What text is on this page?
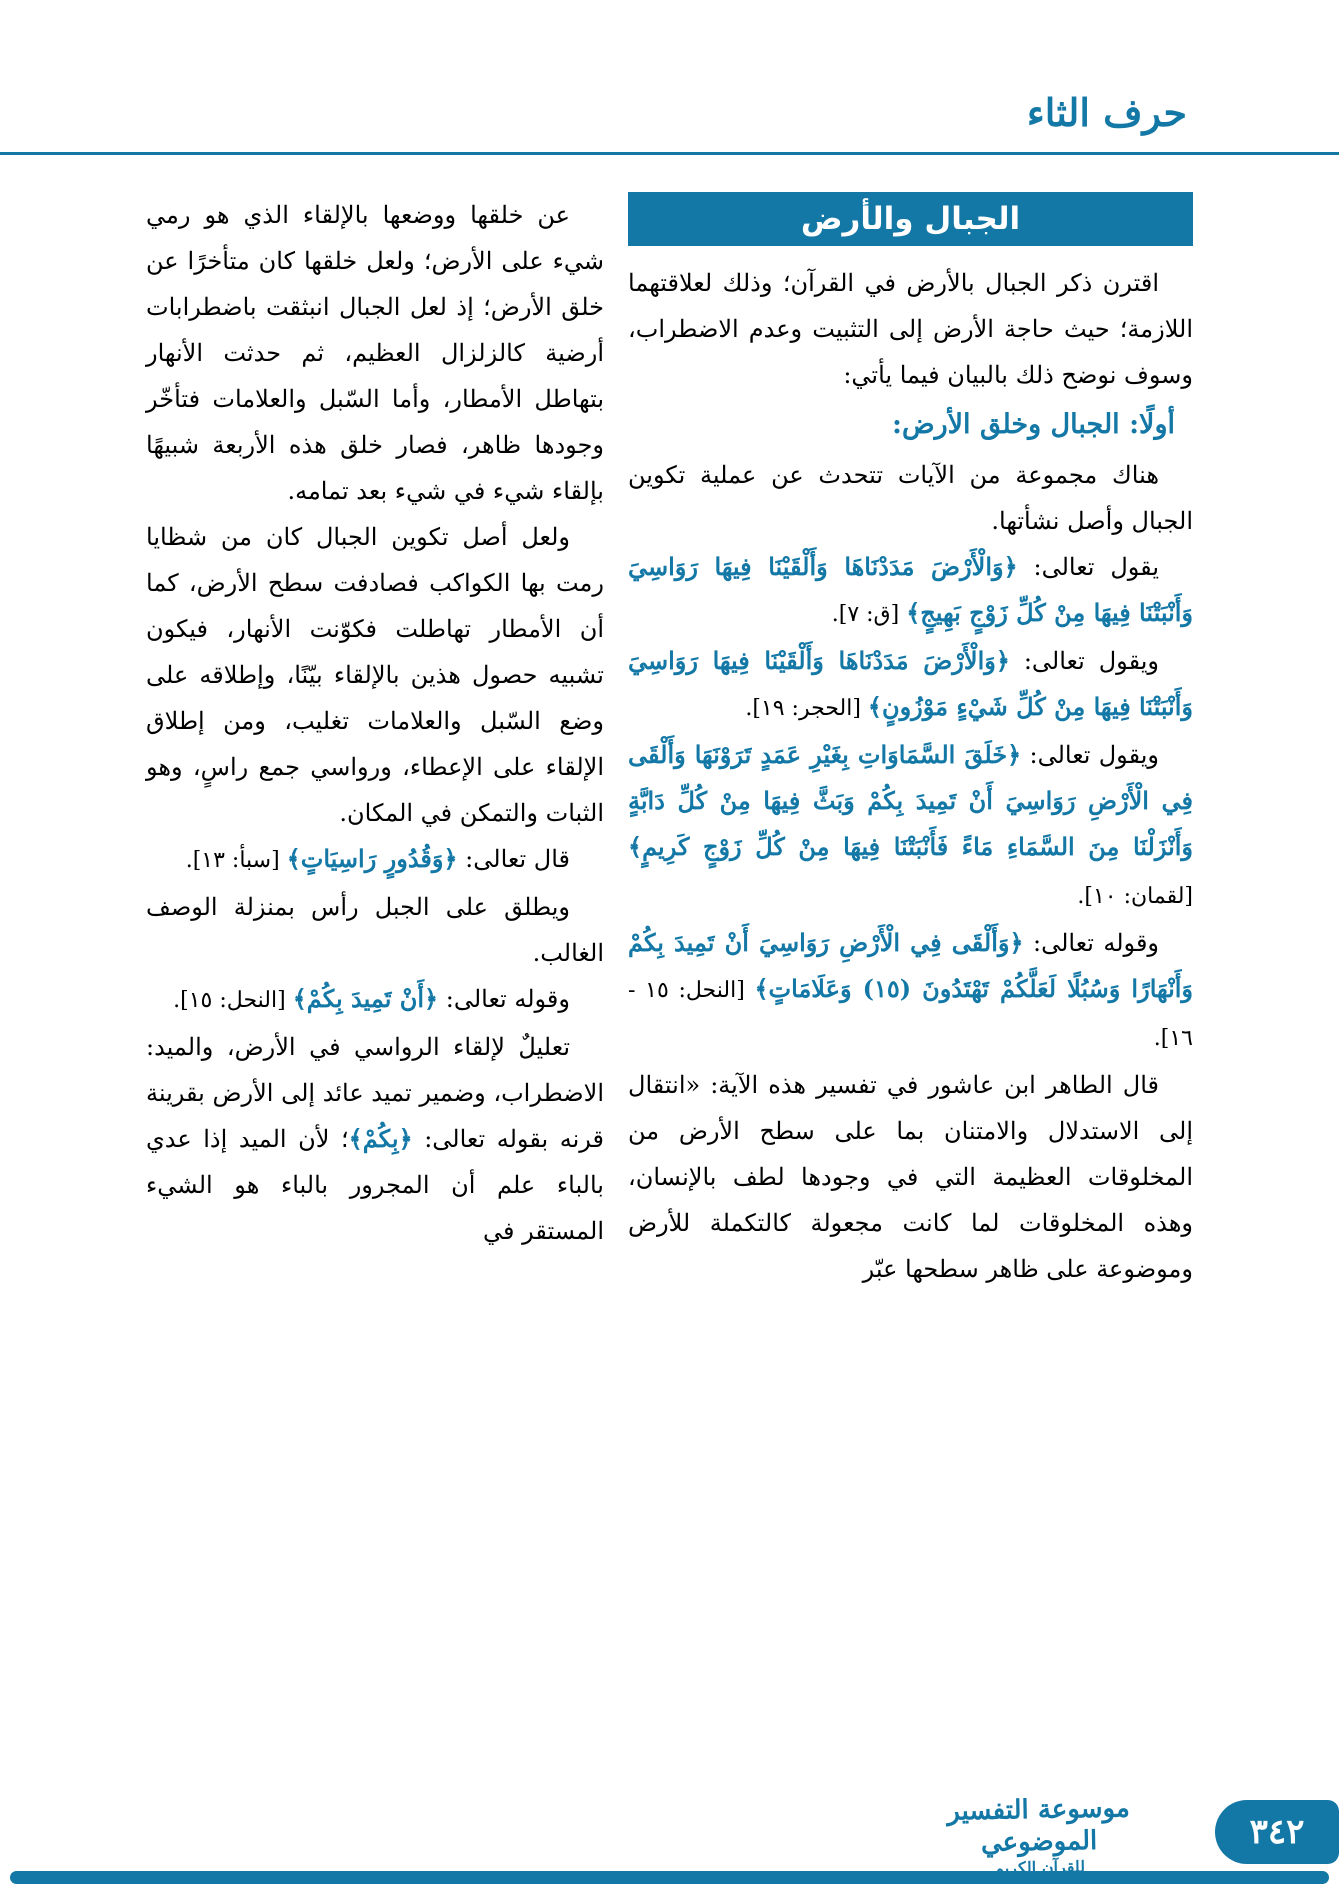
حرف الثاء
الجبال والأرض

اقترن ذكر الجبال بالأرض في القرآن؛ وذلك لعلاقتهما اللازمة؛ حيث حاجة الأرض إلى التثبيت وعدم الاضطراب، وسوف نوضح ذلك بالبيان فيما يأتي:

أولًا: الجبال وخلق الأرض:

هناك مجموعة من الآيات تتحدث عن عملية تكوين الجبال وأصل نشأتها.

يقول تعالى: ﴿وَالْأَرْضَ مَدَدْنَاهَا وَأَلْقَيْنَا فِيهَا رَوَاسِيَ وَأَنْبَتْنَا فِيهَا مِنْ كُلِّ زَوْجٍ بَهِيجٍ﴾ [ق: ٧].

ويقول تعالى: ﴿وَالْأَرْضَ مَدَدْنَاهَا وَأَلْقَيْنَا فِيهَا رَوَاسِيَ وَأَنْبَتْنَا فِيهَا مِنْ كُلِّ شَيْءٍ مَوْزُونٍ﴾ [الحجر: ١٩].

ويقول تعالى: ﴿خَلَقَ السَّمَاوَاتِ بِغَيْرِ عَمَدٍ تَرَوْنَهَا وَأَلْقَى فِي الْأَرْضِ رَوَاسِيَ أَنْ تَمِيدَ بِكُمْ وَبَثَّ فِيهَا مِنْ كُلِّ دَابَّةٍ وَأَنْزَلْنَا مِنَ السَّمَاءِ مَاءً فَأَنْبَتْنَا فِيهَا مِنْ كُلِّ زَوْجٍ كَرِيمٍ﴾ [لقمان: ١٠].

وقوله تعالى: ﴿وَأَلْقَى فِي الْأَرْضِ رَوَاسِيَ أَنْ تَمِيدَ بِكُمْ وَأَنْهَارًا وَسُبُلًا لَعَلَّكُمْ تَهْتَدُونَ (١٥) وَعَلَامَاتٍ﴾ [النحل: ١٥ - ١٦].

قال الطاهر ابن عاشور في تفسير هذه الآية: «انتقال إلى الاستدلال والامتنان بما على سطح الأرض من المخلوقات العظيمة التي في وجودها لطف بالإنسان، وهذه المخلوقات لما كانت مجعولة كالتكملة للأرض وموضوعة على ظاهر سطحها عبّر

عن خلقها ووضعها بالإلقاء الذي هو رمي شيء على الأرض؛ ولعل خلقها كان متأخرًا عن خلق الأرض؛ إذ لعل الجبال انبثقت باضطرابات أرضية كالزلزال العظيم، ثم حدثت الأنهار بتهاطل الأمطار، وأما السّبل والعلامات فتأخّر وجودها ظاهر، فصار خلق هذه الأربعة شبيهًا بإلقاء شيء في شيء بعد تمامه.

ولعل أصل تكوين الجبال كان من شظايا رمت بها الكواكب فصادفت سطح الأرض، كما أن الأمطار تهاطلت فكوّنت الأنهار، فيكون تشبيه حصول هذين بالإلقاء بيّنًا، وإطلاقه على وضع السّبل والعلامات تغليب، ومن إطلاق الإلقاء على الإعطاء، ورواسي جمع راسٍ، وهو الثبات والتمكن في المكان.

قال تعالى: ﴿وَقُدُورٍ رَاسِيَاتٍ﴾ [سبأ: ١٣].

ويطلق على الجبل رأس بمنزلة الوصف الغالب.

وقوله تعالى: ﴿أَنْ تَمِيدَ بِكُمْ﴾ [النحل: ١٥].

تعليلٌ لإلقاء الرواسي في الأرض، والميد: الاضطراب، وضمير تميد عائد إلى الأرض بقرينة قرنه بقوله تعالى: ﴿بِكُمْ﴾؛ لأن الميد إذا عدي بالباء علم أن المجرور بالباء هو الشيء المستقر في

موسوعة التفسير الموضوعي
للقرآن الكريم
٣٤٢
